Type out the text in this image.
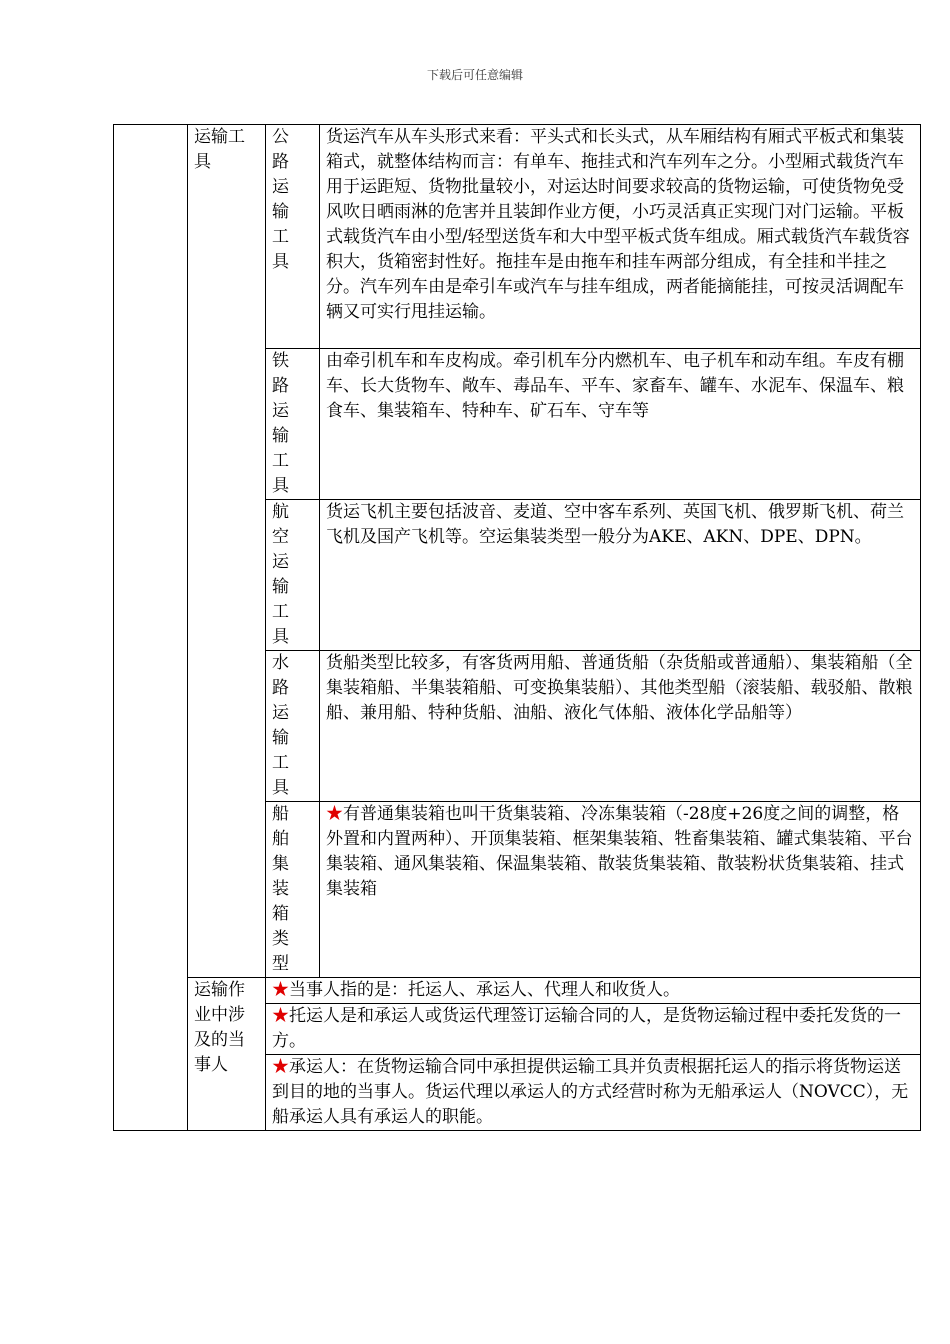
下载后可任意编辑
	运输工具	公路运输工具	货运汽车从车头形式来看：平头式和长头式，从车厢结构有厢式平板式和集装箱式，就整体结构而言：有单车、拖挂式和汽车列车之分。小型厢式载货汽车用于运距短、货物批量较小，对运达时间要求较高的货物运输，可使货物免受风吹日晒雨淋的危害并且装卸作业方便，小巧灵活真正实现门对门运输。平板式载货汽车由小型/轻型送货车和大中型平板式货车组成。厢式载货汽车载货容积大，货箱密封性好。拖挂车是由拖车和挂车两部分组成，有全挂和半挂之分。汽车列车由是牵引车或汽车与挂车组成，两者能摘能挂，可按灵活调配车辆又可实行甩挂运输。

		铁路运输工具	由牵引机车和车皮构成。牵引机车分内燃机车、电子机车和动车组。车皮有棚车、长大货物车、敞车、毒品车、平车、家畜车、罐车、水泥车、保温车、粮食车、集装箱车、特种车、矿石车、守车等

		航空运输工具	货运飞机主要包括波音、麦道、空中客车系列、英国飞机、俄罗斯飞机、荷兰飞机及国产飞机等。空运集装类型一般分为AKE、AKN、DPE、DPN。

		水路运输工具	货船类型比较多，有客货两用船、普通货船（杂货船或普通船）、集装箱船（全集装箱船、半集装箱船、可变换集装船）、其他类型船（滚装船、载驳船、散粮船、兼用船、特种货船、油船、液化气体船、液体化学品船等）

		船舶集装箱类型	★有普通集装箱也叫干货集装箱、冷冻集装箱（-28度+26度之间的调整，格外置和内置两种）、开顶集装箱、框架集装箱、牲畜集装箱、罐式集装箱、平台集装箱、通风集装箱、保温集装箱、散装货集装箱、散装粉状货集装箱、挂式集装箱
	运输作业中涉及的当事人	★当事人指的是：托运人、承运人、代理人和收货人。	
		★托运人是和承运人或货运代理签订运输合同的人，是货物运输过程中委托发货的一方。	
		★承运人：在货物运输合同中承担提供运输工具并负责根据托运人的指示将货物运送到目的地的当事人。货运代理以承运人的方式经营时称为无船承运人（NOVCC），无船承运人具有承运人的职能。	
